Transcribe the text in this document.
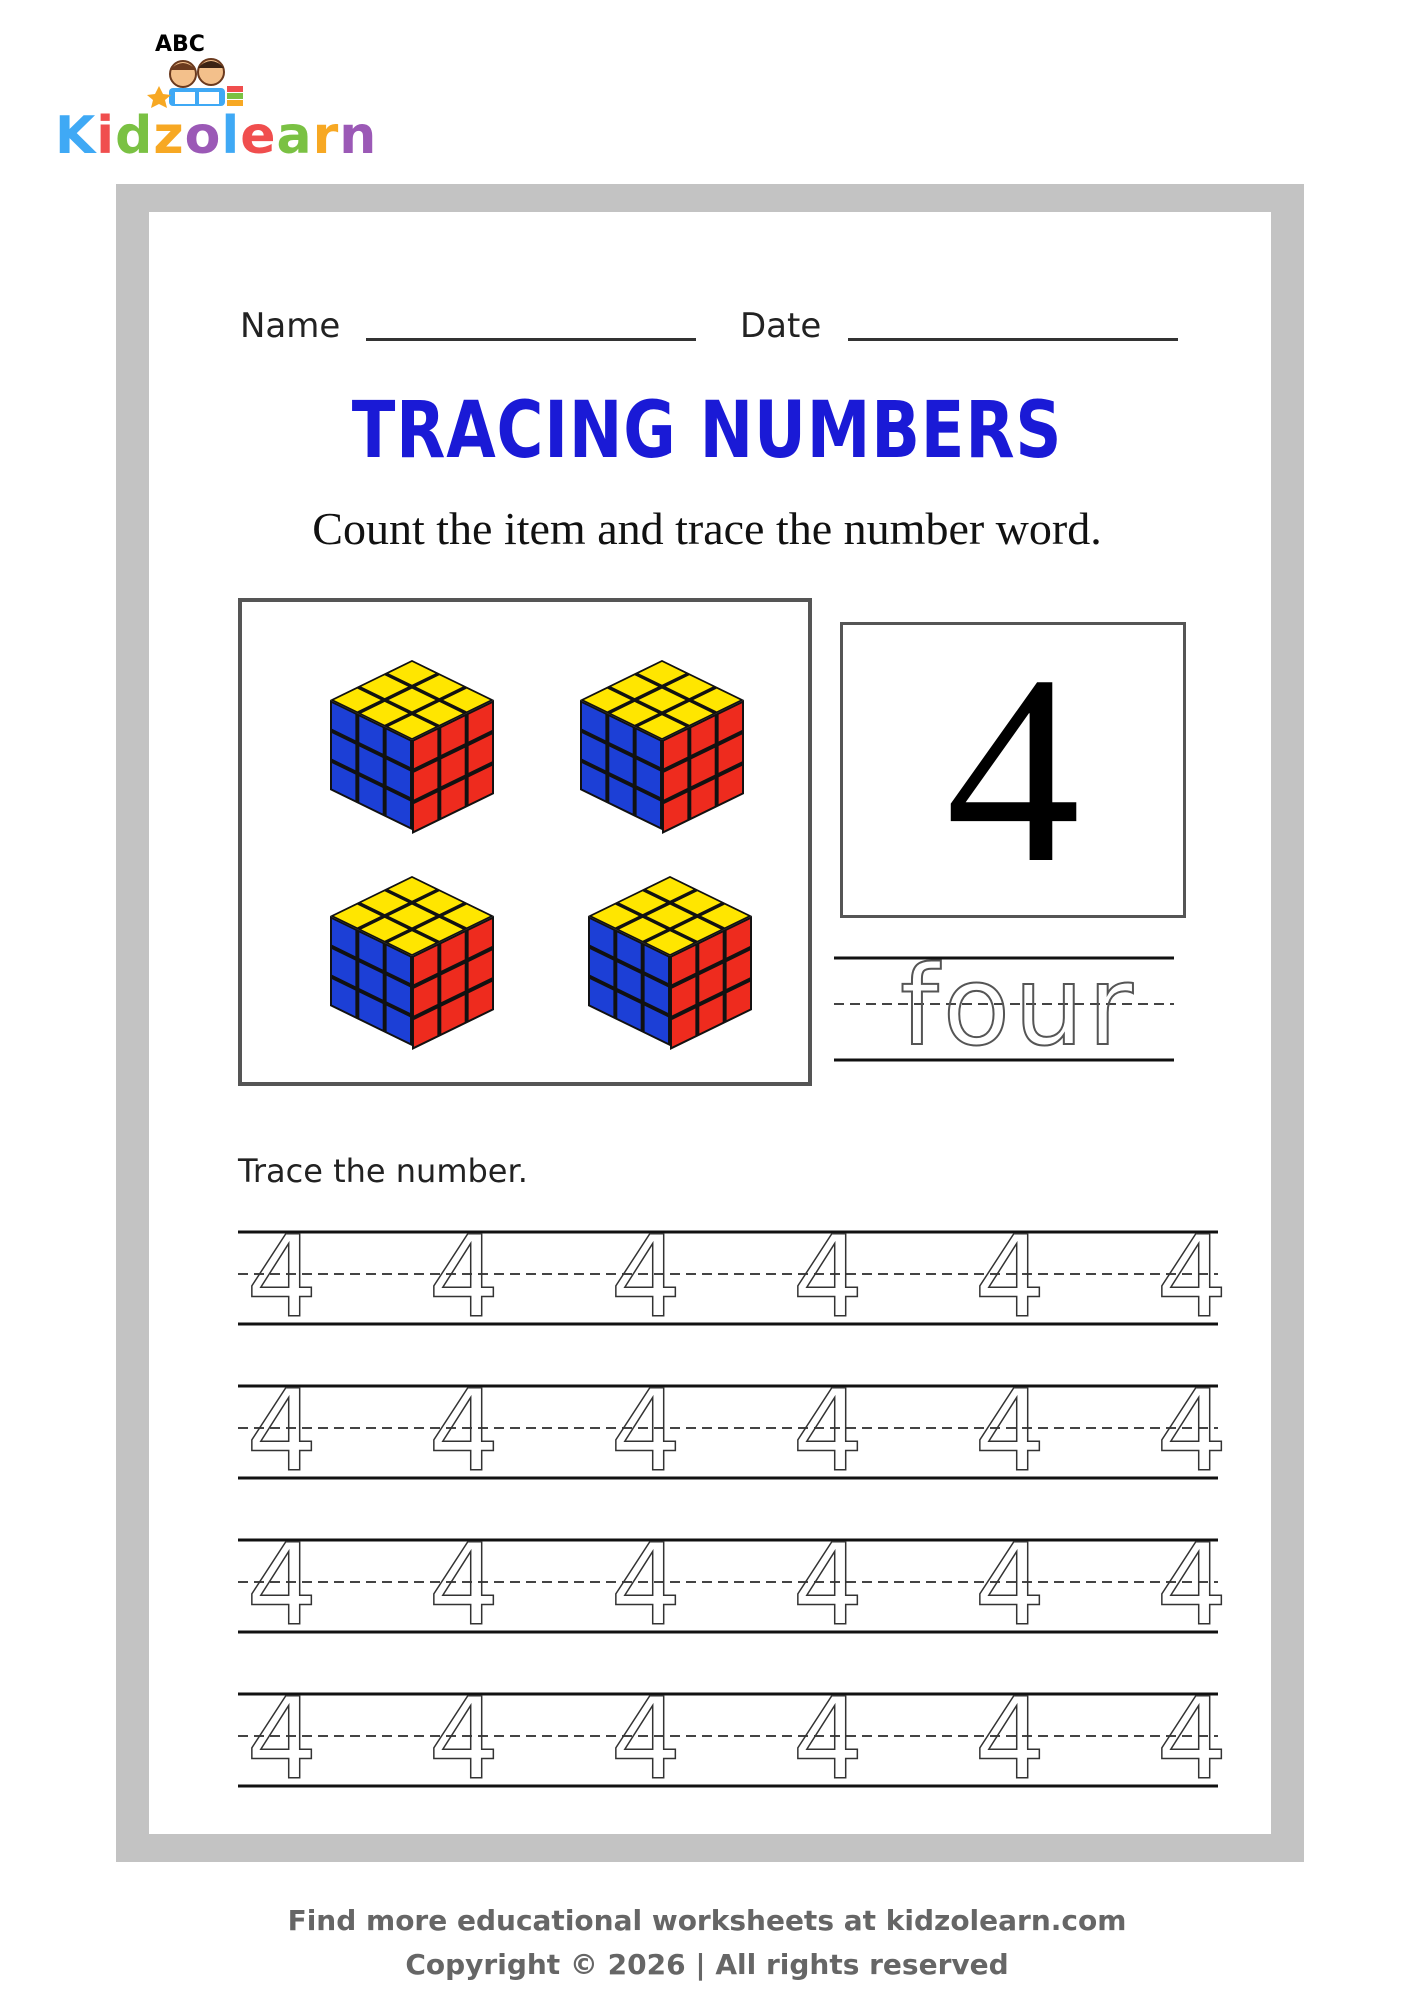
ABC
Kidzolearn
Name	Date
TRACING NUMBERS
Count the item and trace the number word.
4
four
Trace the number.
4 4 4 4 4 4
4 4 4 4 4 4
4 4 4 4 4 4
4 4 4 4 4 4
Find more educational worksheets at kidzolearn.com
Copyright © 2026 | All rights reserved
